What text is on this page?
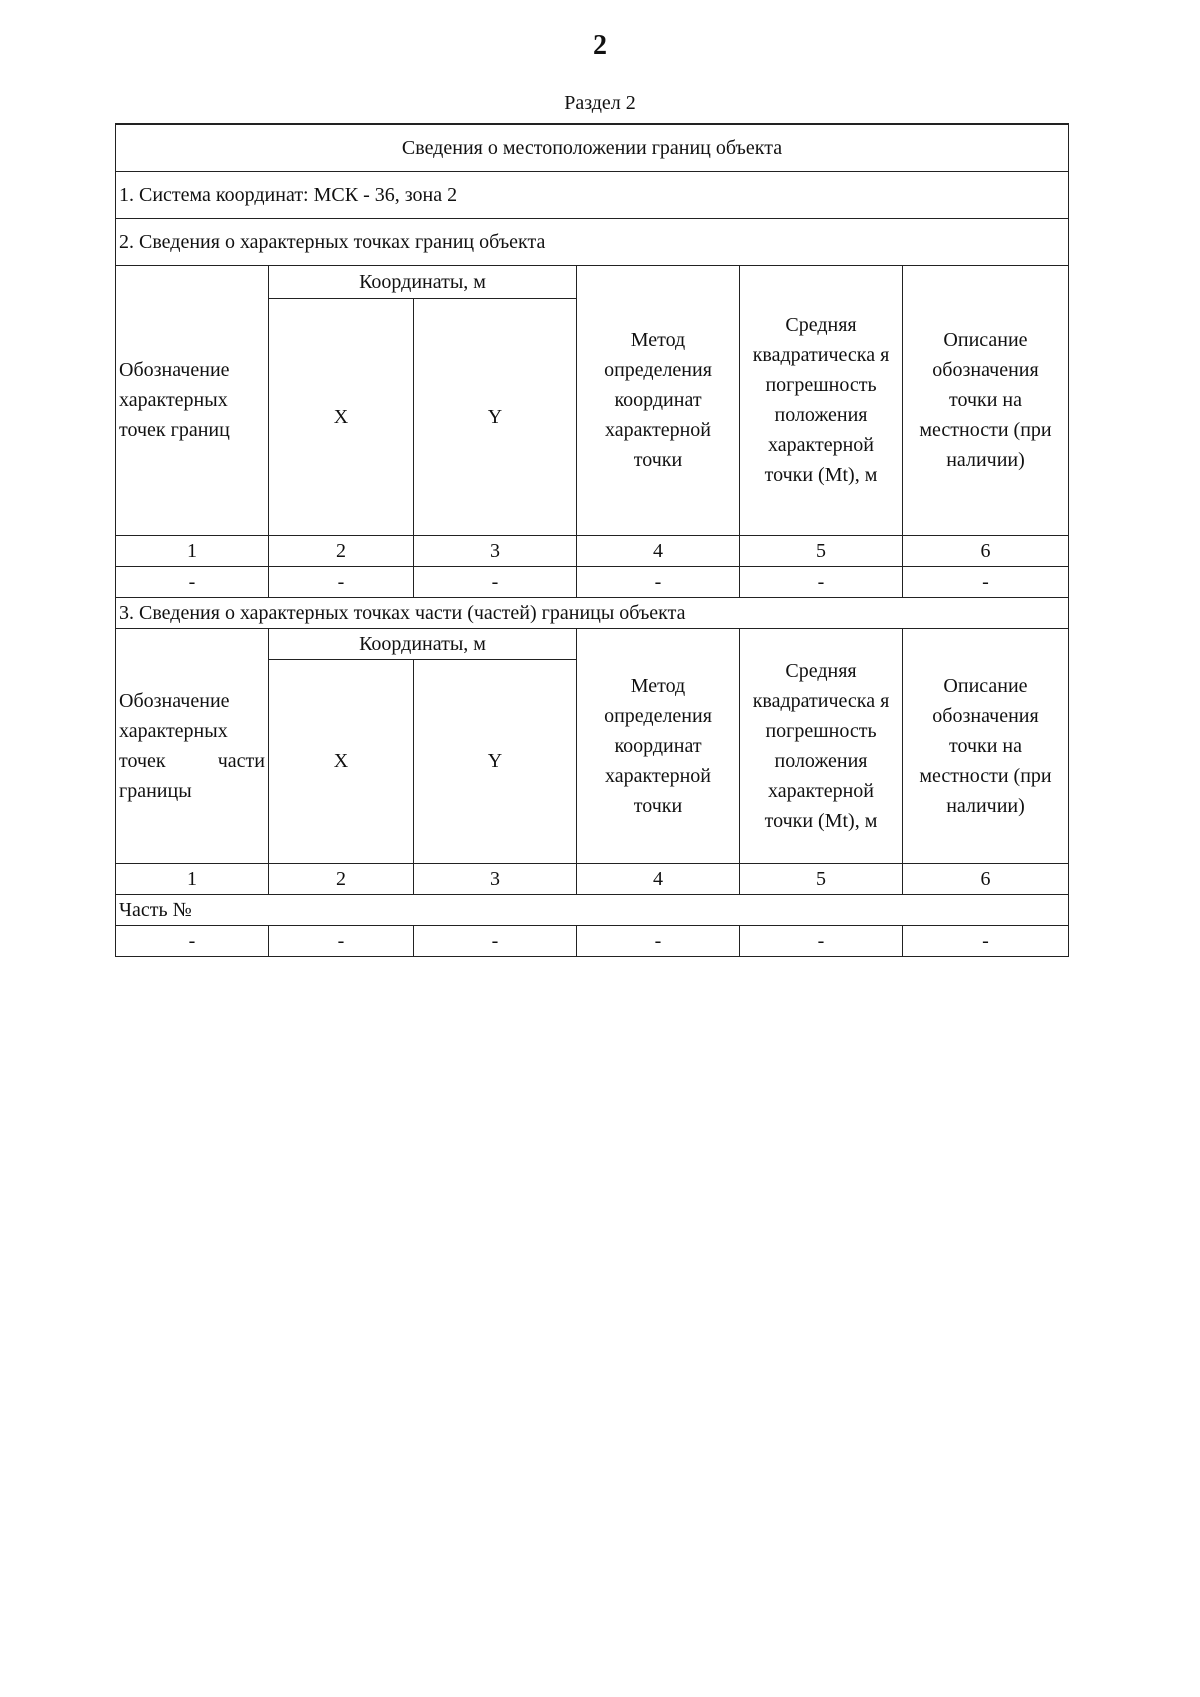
2
Раздел 2
Сведения о местоположении границ объекта					
1. Система координат: МСК - 36, зона 2					
2. Сведения о характерных точках границ объекта					
Обозначение характерных точек границ	Координаты, м		Метод определения координат характерной точки	Средняя квадратическа я погрешность положения характерной точки (Mt), м	Описание обозначения точки на местности (при наличии)
	X	Y			
1	2	3	4	5	6
-	-	-	-	-	-
3. Сведения о характерных точках части (частей) границы объекта					
Обозначение характерных точек части границы	Координаты, м		Метод определения координат характерной точки	Средняя квадратическа я погрешность положения характерной точки (Mt), м	Описание обозначения точки на местности (при наличии)
	X	Y			
1	2	3	4	5	6
Часть №					
-	-	-	-	-	-
